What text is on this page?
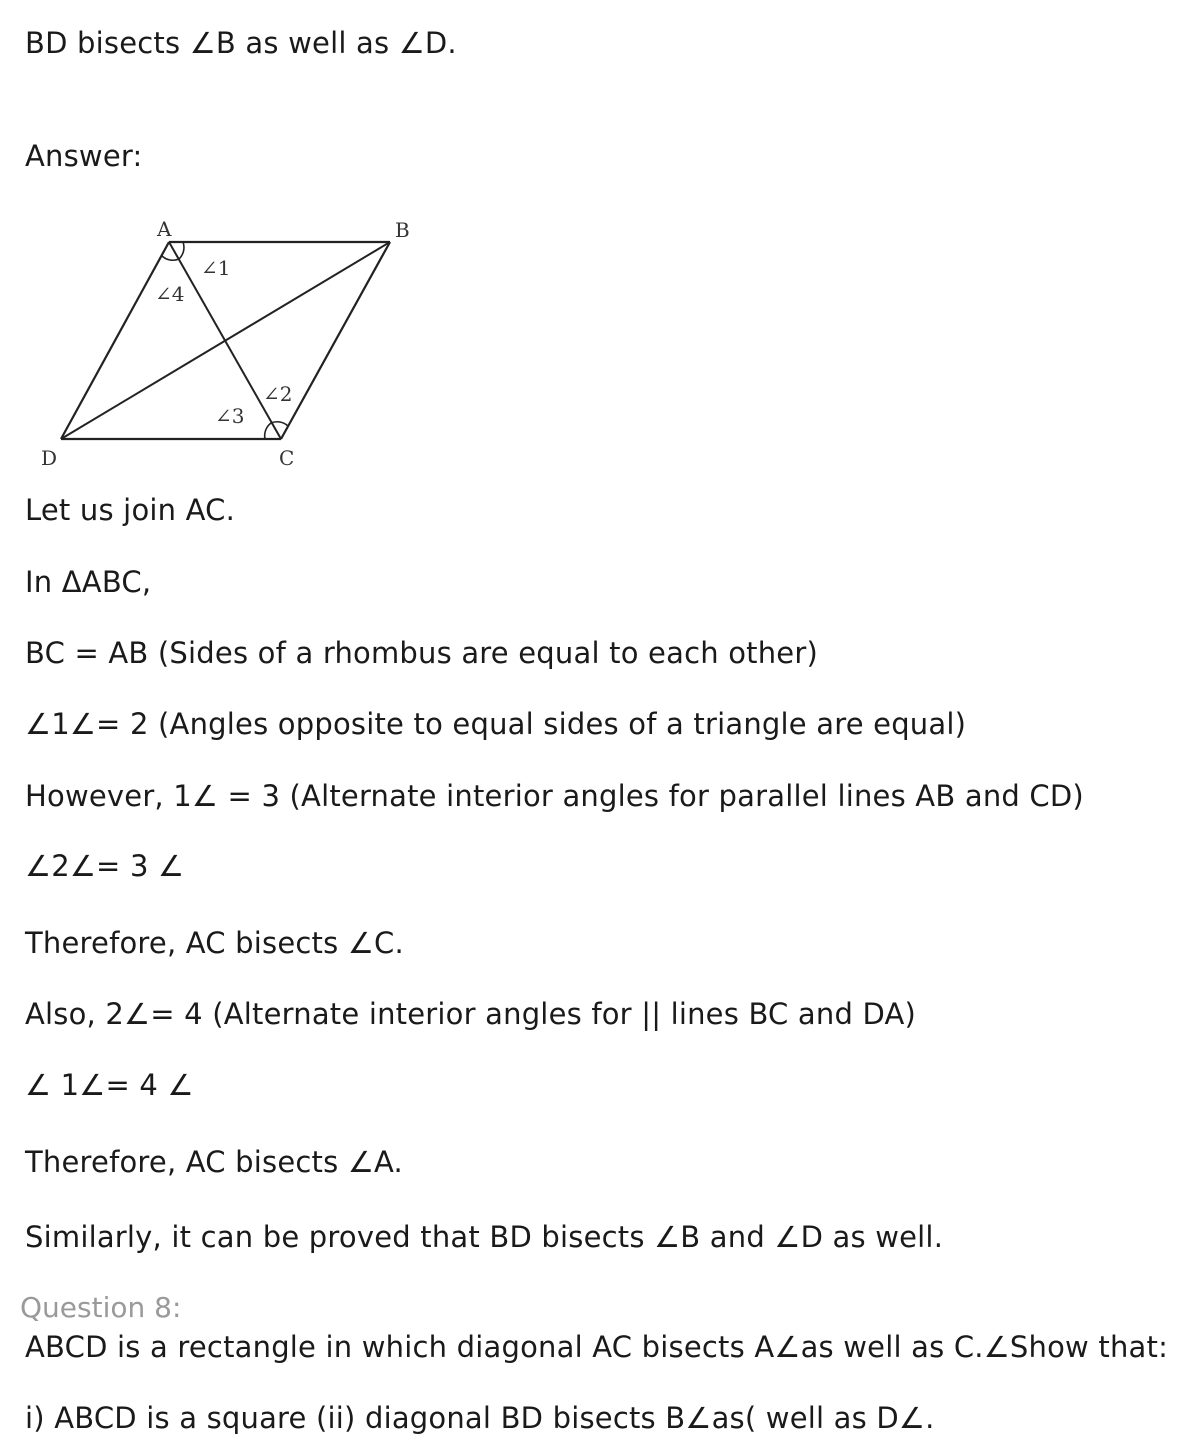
BD bisects ∠B as well as ∠D.
Answer:
A	B
C
D
∠1
∠4
∠2
∠3
Let us join AC.
In ΔABC,
BC = AB (Sides of a rhombus are equal to each other)
∠1∠= 2 (Angles opposite to equal sides of a triangle are equal)
However, 1∠ = 3 (Alternate interior angles for parallel lines AB and CD)
∠2∠= 3 ∠
Therefore, AC bisects ∠C.
Also, 2∠= 4 (Alternate interior angles for || lines BC and DA)
∠ 1∠= 4 ∠
Therefore, AC bisects ∠A.
Similarly, it can be proved that BD bisects ∠B and ∠D as well.
Question 8:
ABCD is a rectangle in which diagonal AC bisects A∠as well as C.∠Show that:
i) ABCD is a square (ii) diagonal BD bisects B∠as( well as D∠.
